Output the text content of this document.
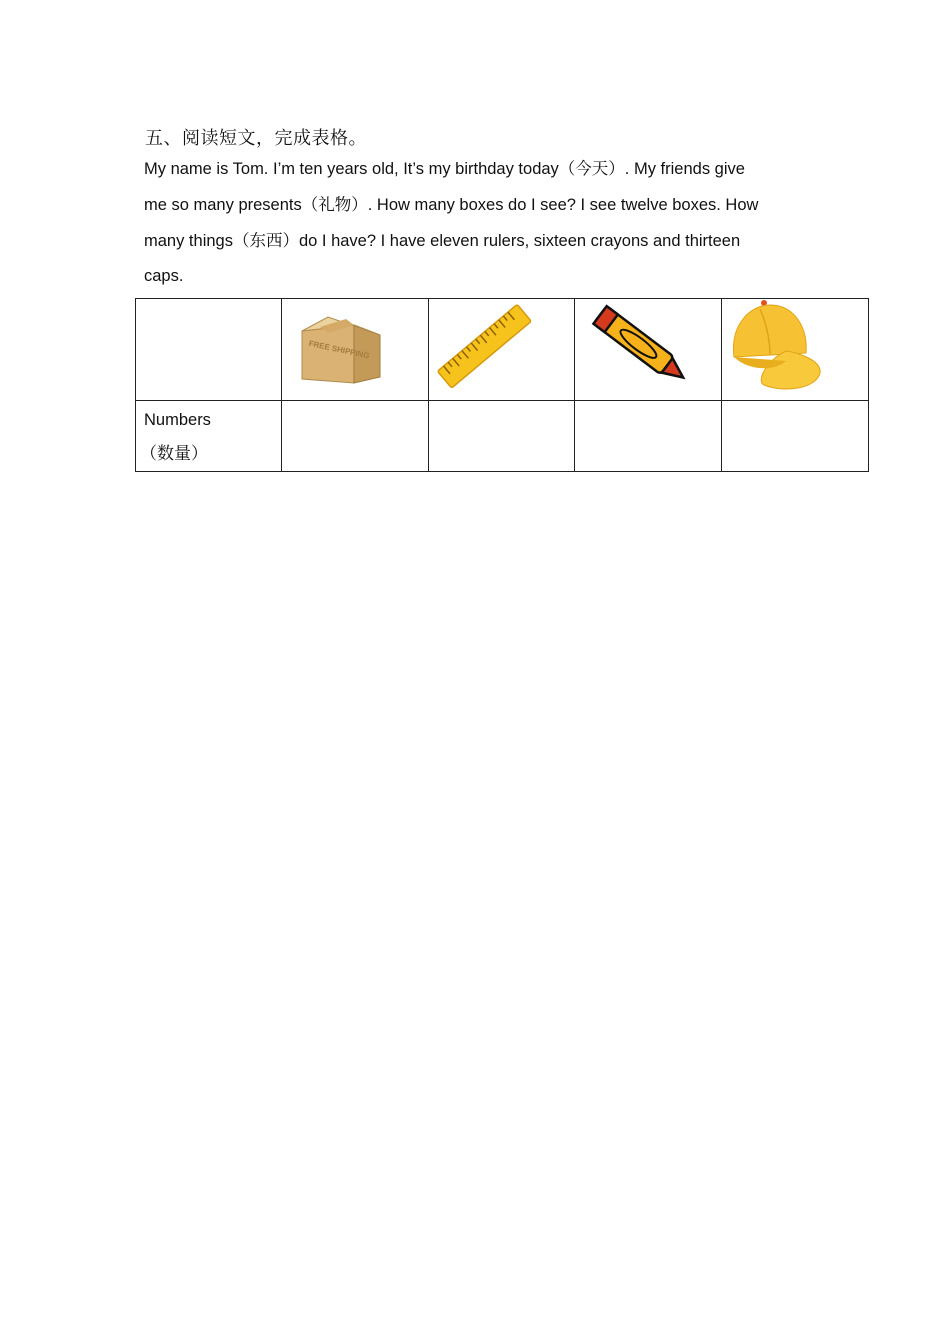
五、阅读短文，完成表格。

My name is Tom. I’m ten years old, It’s my birthday today（今天）. My friends give

me so many presents（礼物）. How many boxes do I see? I see twelve boxes. How

many things（东西）do I have? I have eleven rulers, sixteen crayons and thirteen

caps.

FREE SHIPPING

Numbers
（数量）				
